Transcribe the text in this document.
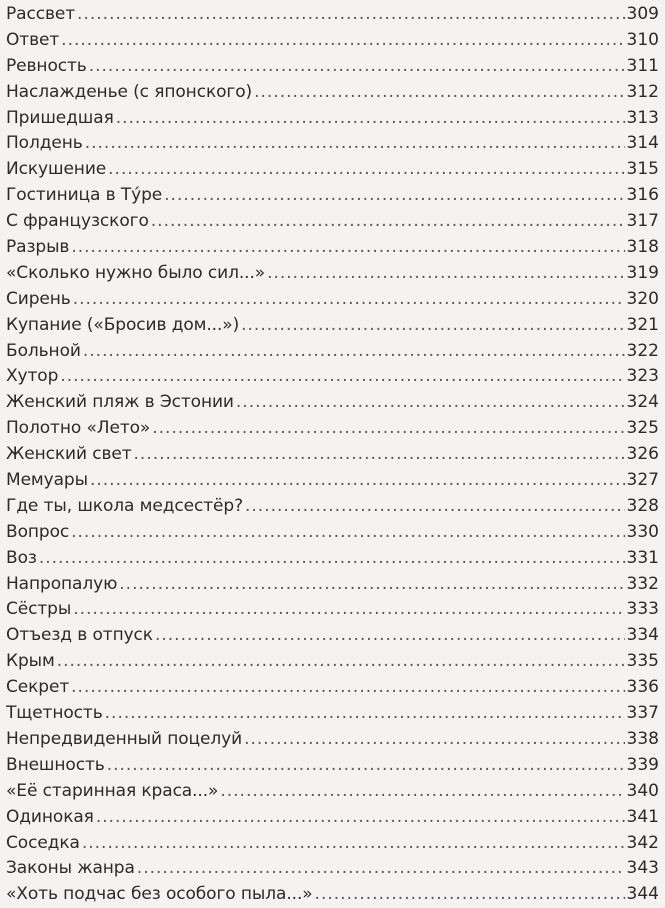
Рассвет .....	309
Ответ .....	310
Ревность .....	311
Наслажденье (с японского) .....	312
Пришедшая .....	313
Полдень .....	314
Искушение .....	315
Гостиница в Ту́ре .....	316
С французского .....	317
Разрыв .....	318
«Сколько нужно было сил...» .....	319
Сирень .....	320
Купание («Бросив дом...») .....	321
Больной .....	322
Хутор .....	323
Женский пляж в Эстонии .....	324
Полотно «Лето» .....	325
Женский свет .....	326
Мемуары .....	327
Где ты, школа медсестёр? .....	328
Вопрос .....	330
Воз .....	331
Напропалую .....	332
Сёстры .....	333
Отъезд в отпуск .....	334
Крым .....	335
Секрет .....	336
Тщетность .....	337
Непредвиденный поцелуй .....	338
Внешность .....	339
«Её старинная краса...» .....	340
Одинокая .....	341
Соседка .....	342
Законы жанра .....	343
«Хоть подчас без особого пыла...» .....	344
